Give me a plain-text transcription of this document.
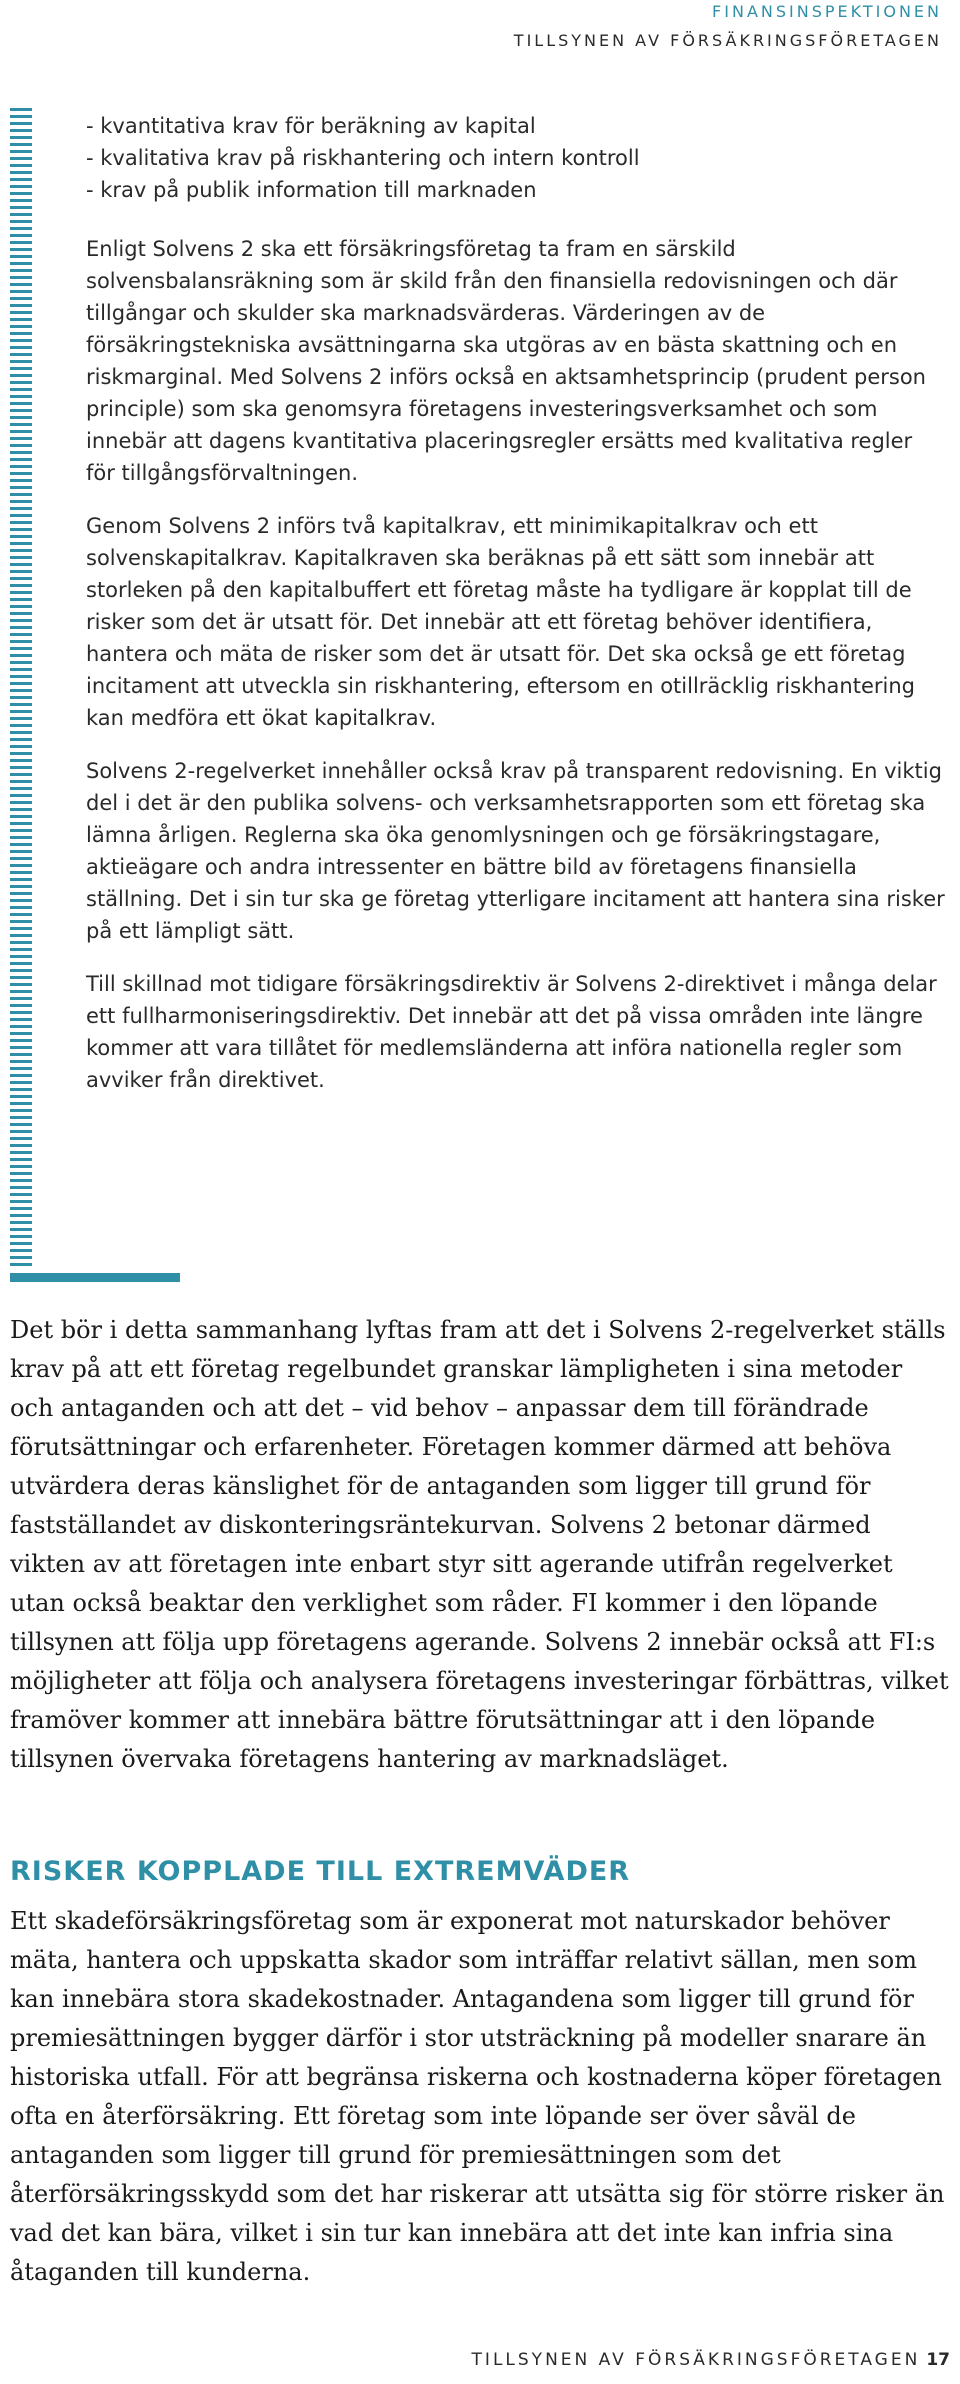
FINANSINSPEKTIONEN
TILLSYNEN AV FÖRSÄKRINGSFÖRETAGEN
- kvantitativa krav för beräkning av kapital
- kvalitativa krav på riskhantering och intern kontroll
- krav på publik information till marknaden

Enligt Solvens 2 ska ett försäkringsföretag ta fram en särskild solvensbalansräkning som är skild från den finansiella redovisningen och där tillgångar och skulder ska marknadsvärderas. Värderingen av de försäkringstekniska avsättningarna ska utgöras av en bästa skattning och en riskmarginal. Med Solvens 2 införs också en aktsamhetsprincip (prudent person principle) som ska genomsyra företagens investeringsverksamhet och som innebär att dagens kvantitativa placeringsregler ersätts med kvalitativa regler för tillgångsförvaltningen.

Genom Solvens 2 införs två kapitalkrav, ett minimikapitalkrav och ett solvenskapitalkrav. Kapitalkraven ska beräknas på ett sätt som innebär att storleken på den kapitalbuffert ett företag måste ha tydligare är kopplat till de risker som det är utsatt för. Det innebär att ett företag behöver identifiera, hantera och mäta de risker som det är utsatt för. Det ska också ge ett företag incitament att utveckla sin riskhantering, eftersom en otillräcklig riskhantering kan medföra ett ökat kapitalkrav.

Solvens 2-regelverket innehåller också krav på transparent redovisning. En viktig del i det är den publika solvens- och verksamhetsrapporten som ett företag ska lämna årligen. Reglerna ska öka genomlysningen och ge försäkringstagare, aktieägare och andra intressenter en bättre bild av företagens finansiella ställning. Det i sin tur ska ge företag ytterligare incitament att hantera sina risker på ett lämpligt sätt.

Till skillnad mot tidigare försäkringsdirektiv är Solvens 2-direktivet i många delar ett fullharmoniseringsdirektiv. Det innebär att det på vissa områden inte längre kommer att vara tillåtet för medlemsländerna att införa nationella regler som avviker från direktivet.

Det bör i detta sammanhang lyftas fram att det i Solvens 2-regelverket ställs krav på att ett företag regelbundet granskar lämpligheten i sina metoder och antaganden och att det – vid behov – anpassar dem till förändrade förutsättningar och erfarenheter. Företagen kommer därmed att behöva utvärdera deras känslighet för de antaganden som ligger till grund för fastställandet av diskonteringsräntekurvan. Solvens 2 betonar därmed vikten av att företagen inte enbart styr sitt agerande utifrån regelverket utan också beaktar den verklighet som råder. FI kommer i den löpande tillsynen att följa upp företagens agerande. Solvens 2 innebär också att FI:s möjligheter att följa och analysera företagens investeringar förbättras, vilket framöver kommer att innebära bättre förutsättningar att i den löpande tillsynen övervaka företagens hantering av marknadsläget.
RISKER KOPPLADE TILL EXTREMVÄDER
Ett skadeförsäkringsföretag som är exponerat mot naturskador behöver mäta, hantera och uppskatta skador som inträffar relativt sällan, men som kan innebära stora skadekostnader. Antagandena som ligger till grund för premiesättningen bygger därför i stor utsträckning på modeller snarare än historiska utfall. För att begränsa riskerna och kostnaderna köper företagen ofta en återförsäkring. Ett företag som inte löpande ser över såväl de antaganden som ligger till grund för premiesättningen som det återförsäkringsskydd som det har riskerar att utsätta sig för större risker än vad det kan bära, vilket i sin tur kan innebära att det inte kan infria sina åtaganden till kunderna.
TILLSYNEN AV FÖRSÄKRINGSFÖRETAGEN 17
